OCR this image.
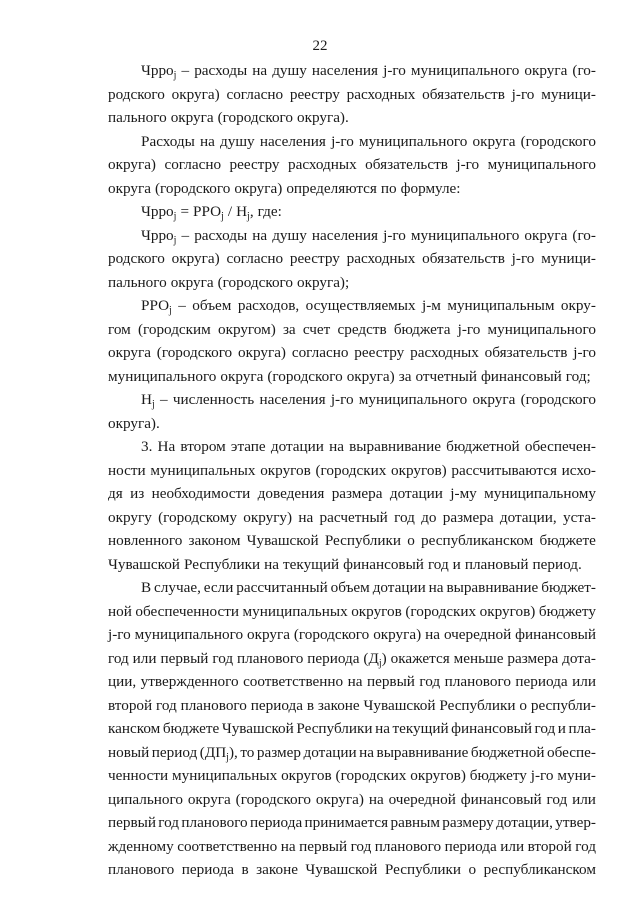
22
Чрро$_j$ – расходы на душу населения j-го муниципального округа (го-
родского округа) согласно реестру расходных обязательств j-го муници-
пального округа (городского округа).
Расходы на душу населения j-го муниципального округа (городского
округа) согласно реестру расходных обязательств j-го муниципального
округа (городского округа) определяются по формуле:
Чрро$_j$ = $РРО_j / Н_j$, где:
Чрро$_j$ – расходы на душу населения j-го муниципального округа (го-
родского округа) согласно реестру расходных обязательств j-го муници-
пального округа (городского округа);
$РРО_j$ – объем расходов, осуществляемых j-м муниципальным окру-
гом (городским округом) за счет средств бюджета j-го муниципального
округа (городского округа) согласно реестру расходных обязательств j-го
муниципального округа (городского округа) за отчетный финансовый год;
$Н_j$ – численность населения j-го муниципального округа (городского
округа).
3. На втором этапе дотации на выравнивание бюджетной обеспечен-
ности муниципальных округов (городских округов) рассчитываются исхо-
дя из необходимости доведения размера дотации j-му муниципальному
округу (городскому округу) на расчетный год до размера дотации, уста-
новленного законом Чувашской Республики о республиканском бюджете
Чувашской Республики на текущий финансовый год и плановый период.
В случае, если рассчитанный объем дотации на выравнивание бюджет-
ной обеспеченности муниципальных округов (городских округов) бюджету
j-го муниципального округа (городского округа) на очередной финансовый
год или первый год планового периода $(Д_j)$ окажется меньше размера дота-
ции, утвержденного соответственно на первый год планового периода или
второй год планового периода в законе Чувашской Республики о республи-
канском бюджете Чувашской Республики на текущий финансовый год и пла-
новый период $(ДП_j)$, то размер дотации на выравнивание бюджетной обеспе-
ченности муниципальных округов (городских округов) бюджету j-го муни-
ципального округа (городского округа) на очередной финансовый год или
первый год планового периода принимается равным размеру дотации, утвер-
жденному соответственно на первый год планового периода или второй год
планового периода в законе Чувашской Республики о республиканском
